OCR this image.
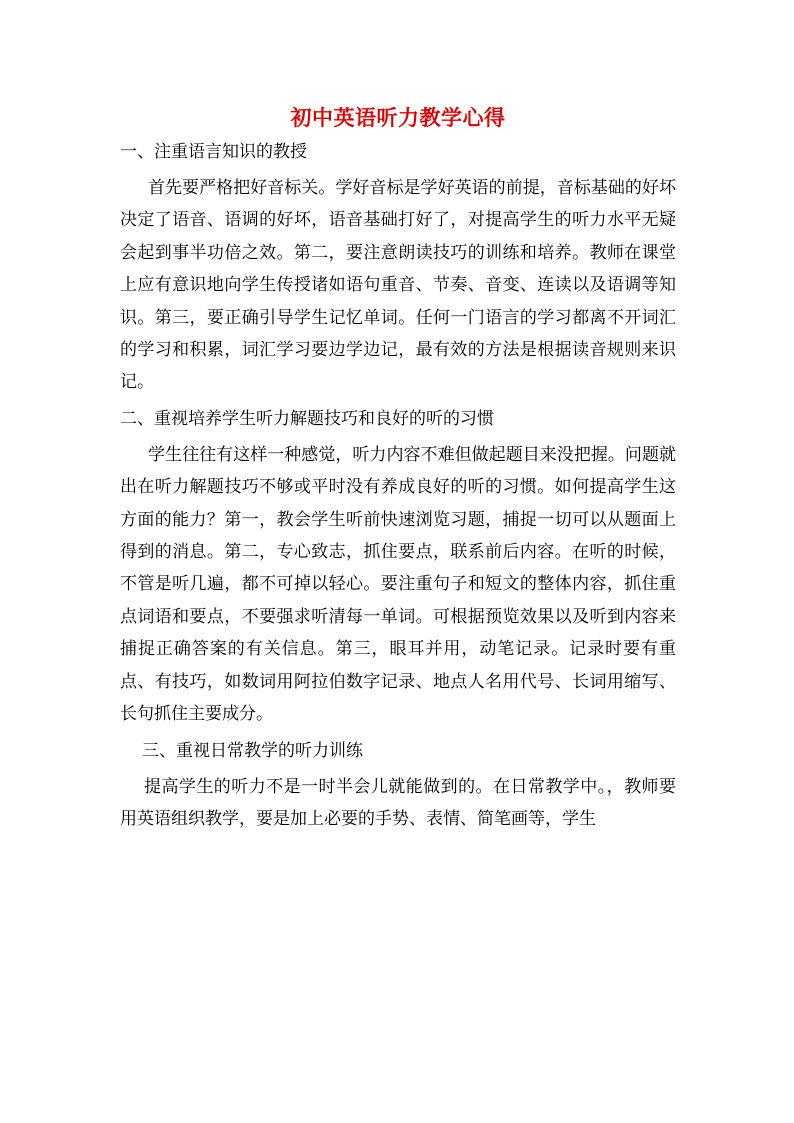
初中英语听力教学心得
一、注重语言知识的教授
首先要严格把好音标关。学好音标是学好英语的前提，音标基础的好坏决定了语音、语调的好坏，语音基础打好了，对提高学生的听力水平无疑会起到事半功倍之效。第二，要注意朗读技巧的训练和培养。教师在课堂上应有意识地向学生传授诸如语句重音、节奏、音变、连读以及语调等知识。第三，要正确引导学生记忆单词。任何一门语言的学习都离不开词汇的学习和积累，词汇学习要边学边记，最有效的方法是根据读音规则来识记。
二、重视培养学生听力解题技巧和良好的听的习惯
学生往往有这样一种感觉，听力内容不难但做起题目来没把握。问题就出在听力解题技巧不够或平时没有养成良好的听的习惯。如何提高学生这方面的能力？第一，教会学生听前快速浏览习题，捕捉一切可以从题面上得到的消息。第二，专心致志，抓住要点，联系前后内容。在听的时候，不管是听几遍，都不可掉以轻心。要注重句子和短文的整体内容，抓住重点词语和要点，不要强求听清每一单词。可根据预览效果以及听到内容来捕捉正确答案的有关信息。第三，眼耳并用，动笔记录。记录时要有重点、有技巧，如数词用阿拉伯数字记录、地点人名用代号、长词用缩写、长句抓住主要成分。
三、重视日常教学的听力训练
提高学生的听力不是一时半会儿就能做到的。在日常教学中。，教师要用英语组织教学，要是加上必要的手势、表情、简笔画等，学生
